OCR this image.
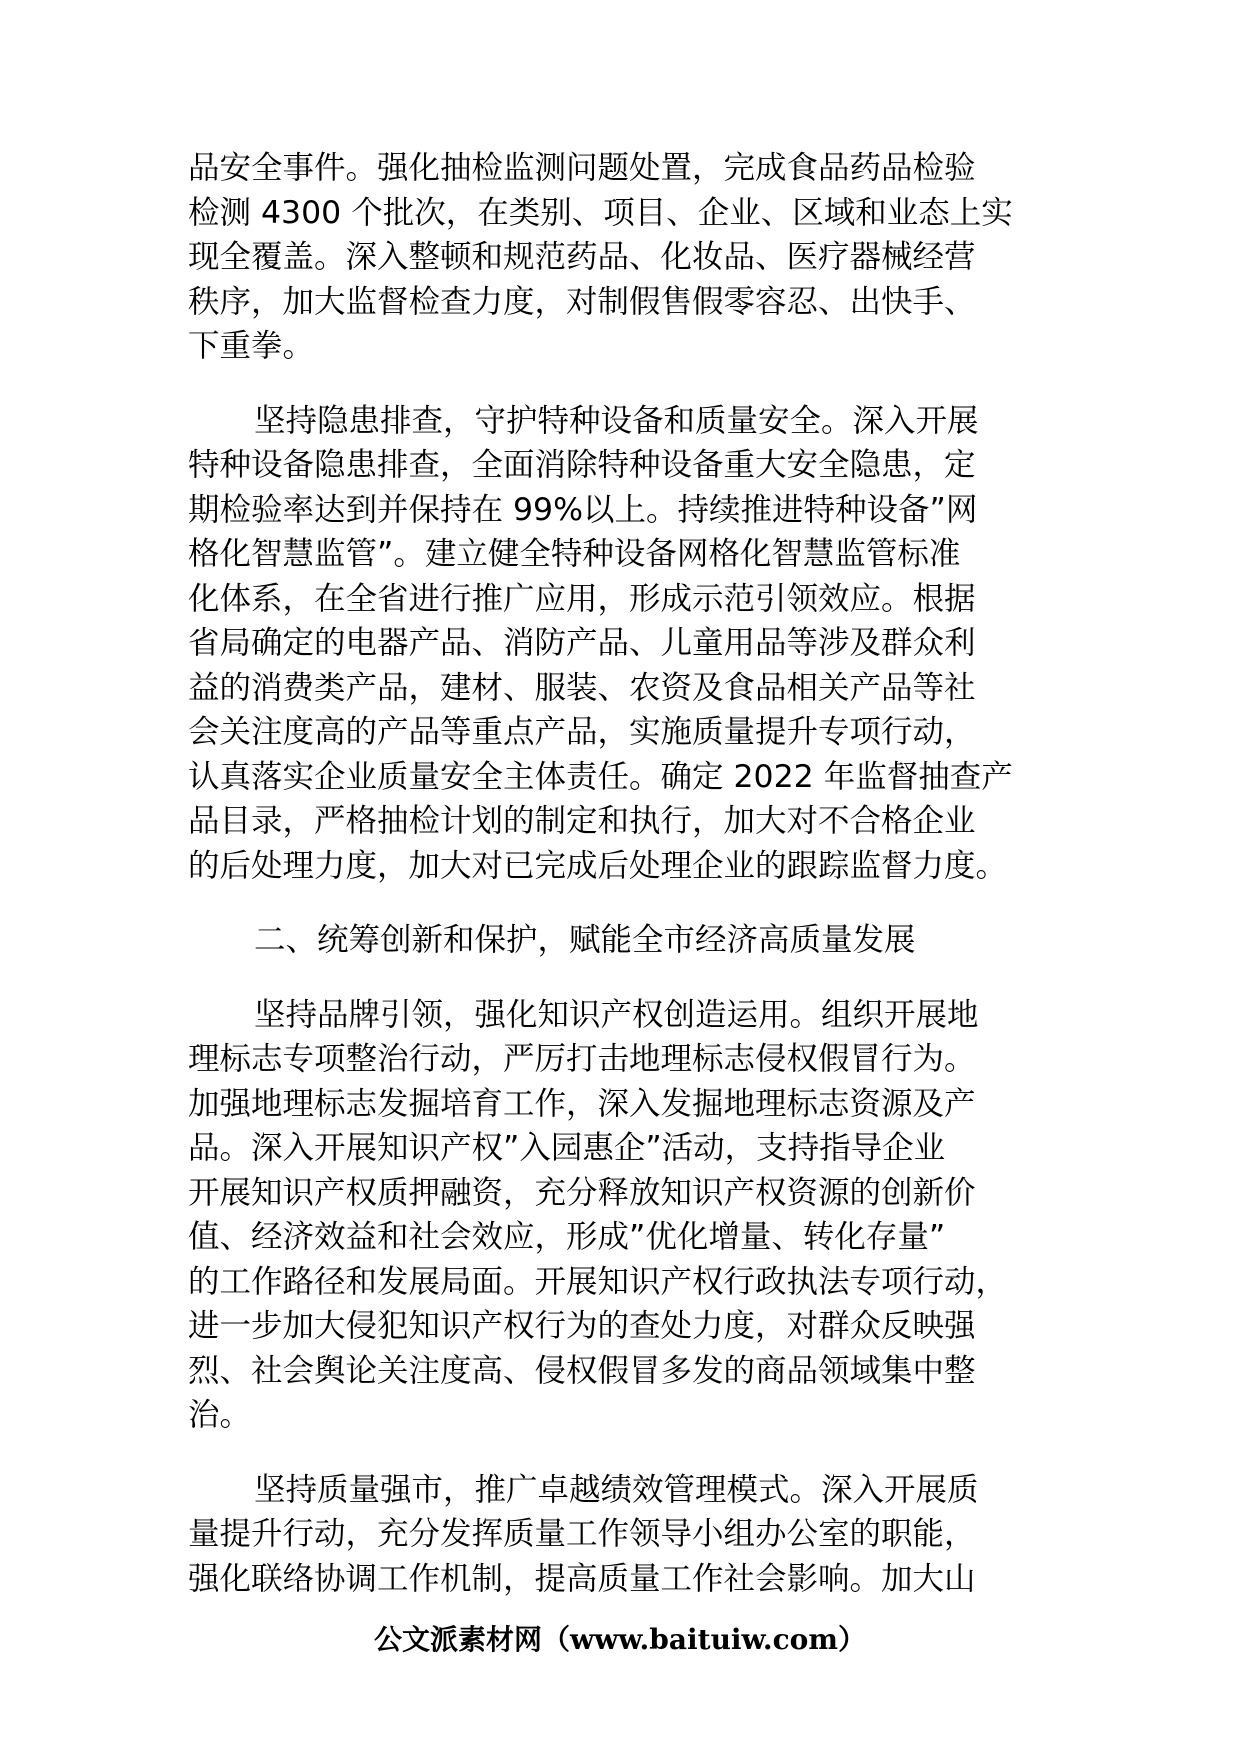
品安全事件。强化抽检监测问题处置，完成食品药品检验
检测 4300 个批次，在类别、项目、企业、区域和业态上实
现全覆盖。深入整顿和规范药品、化妆品、医疗器械经营
秩序，加大监督检查力度，对制假售假零容忍、出快手、
下重拳。
坚持隐患排查，守护特种设备和质量安全。深入开展
特种设备隐患排查，全面消除特种设备重大安全隐患，定
期检验率达到并保持在 99%以上。持续推进特种设备”网
格化智慧监管”。建立健全特种设备网格化智慧监管标准
化体系，在全省进行推广应用，形成示范引领效应。根据
省局确定的电器产品、消防产品、儿童用品等涉及群众利
益的消费类产品，建材、服装、农资及食品相关产品等社
会关注度高的产品等重点产品，实施质量提升专项行动，
认真落实企业质量安全主体责任。确定 2022 年监督抽查产
品目录，严格抽检计划的制定和执行，加大对不合格企业
的后处理力度，加大对已完成后处理企业的跟踪监督力度。
二、统筹创新和保护，赋能全市经济高质量发展
坚持品牌引领，强化知识产权创造运用。组织开展地
理标志专项整治行动，严厉打击地理标志侵权假冒行为。
加强地理标志发掘培育工作，深入发掘地理标志资源及产
品。深入开展知识产权”入园惠企”活动，支持指导企业
开展知识产权质押融资，充分释放知识产权资源的创新价
值、经济效益和社会效应，形成”优化增量、转化存量”
的工作路径和发展局面。开展知识产权行政执法专项行动，
进一步加大侵犯知识产权行为的查处力度，对群众反映强
烈、社会舆论关注度高、侵权假冒多发的商品领域集中整
治。
坚持质量强市，推广卓越绩效管理模式。深入开展质
量提升行动，充分发挥质量工作领导小组办公室的职能，
强化联络协调工作机制，提高质量工作社会影响。加大山
公文派素材网（www.baituiw.com）
